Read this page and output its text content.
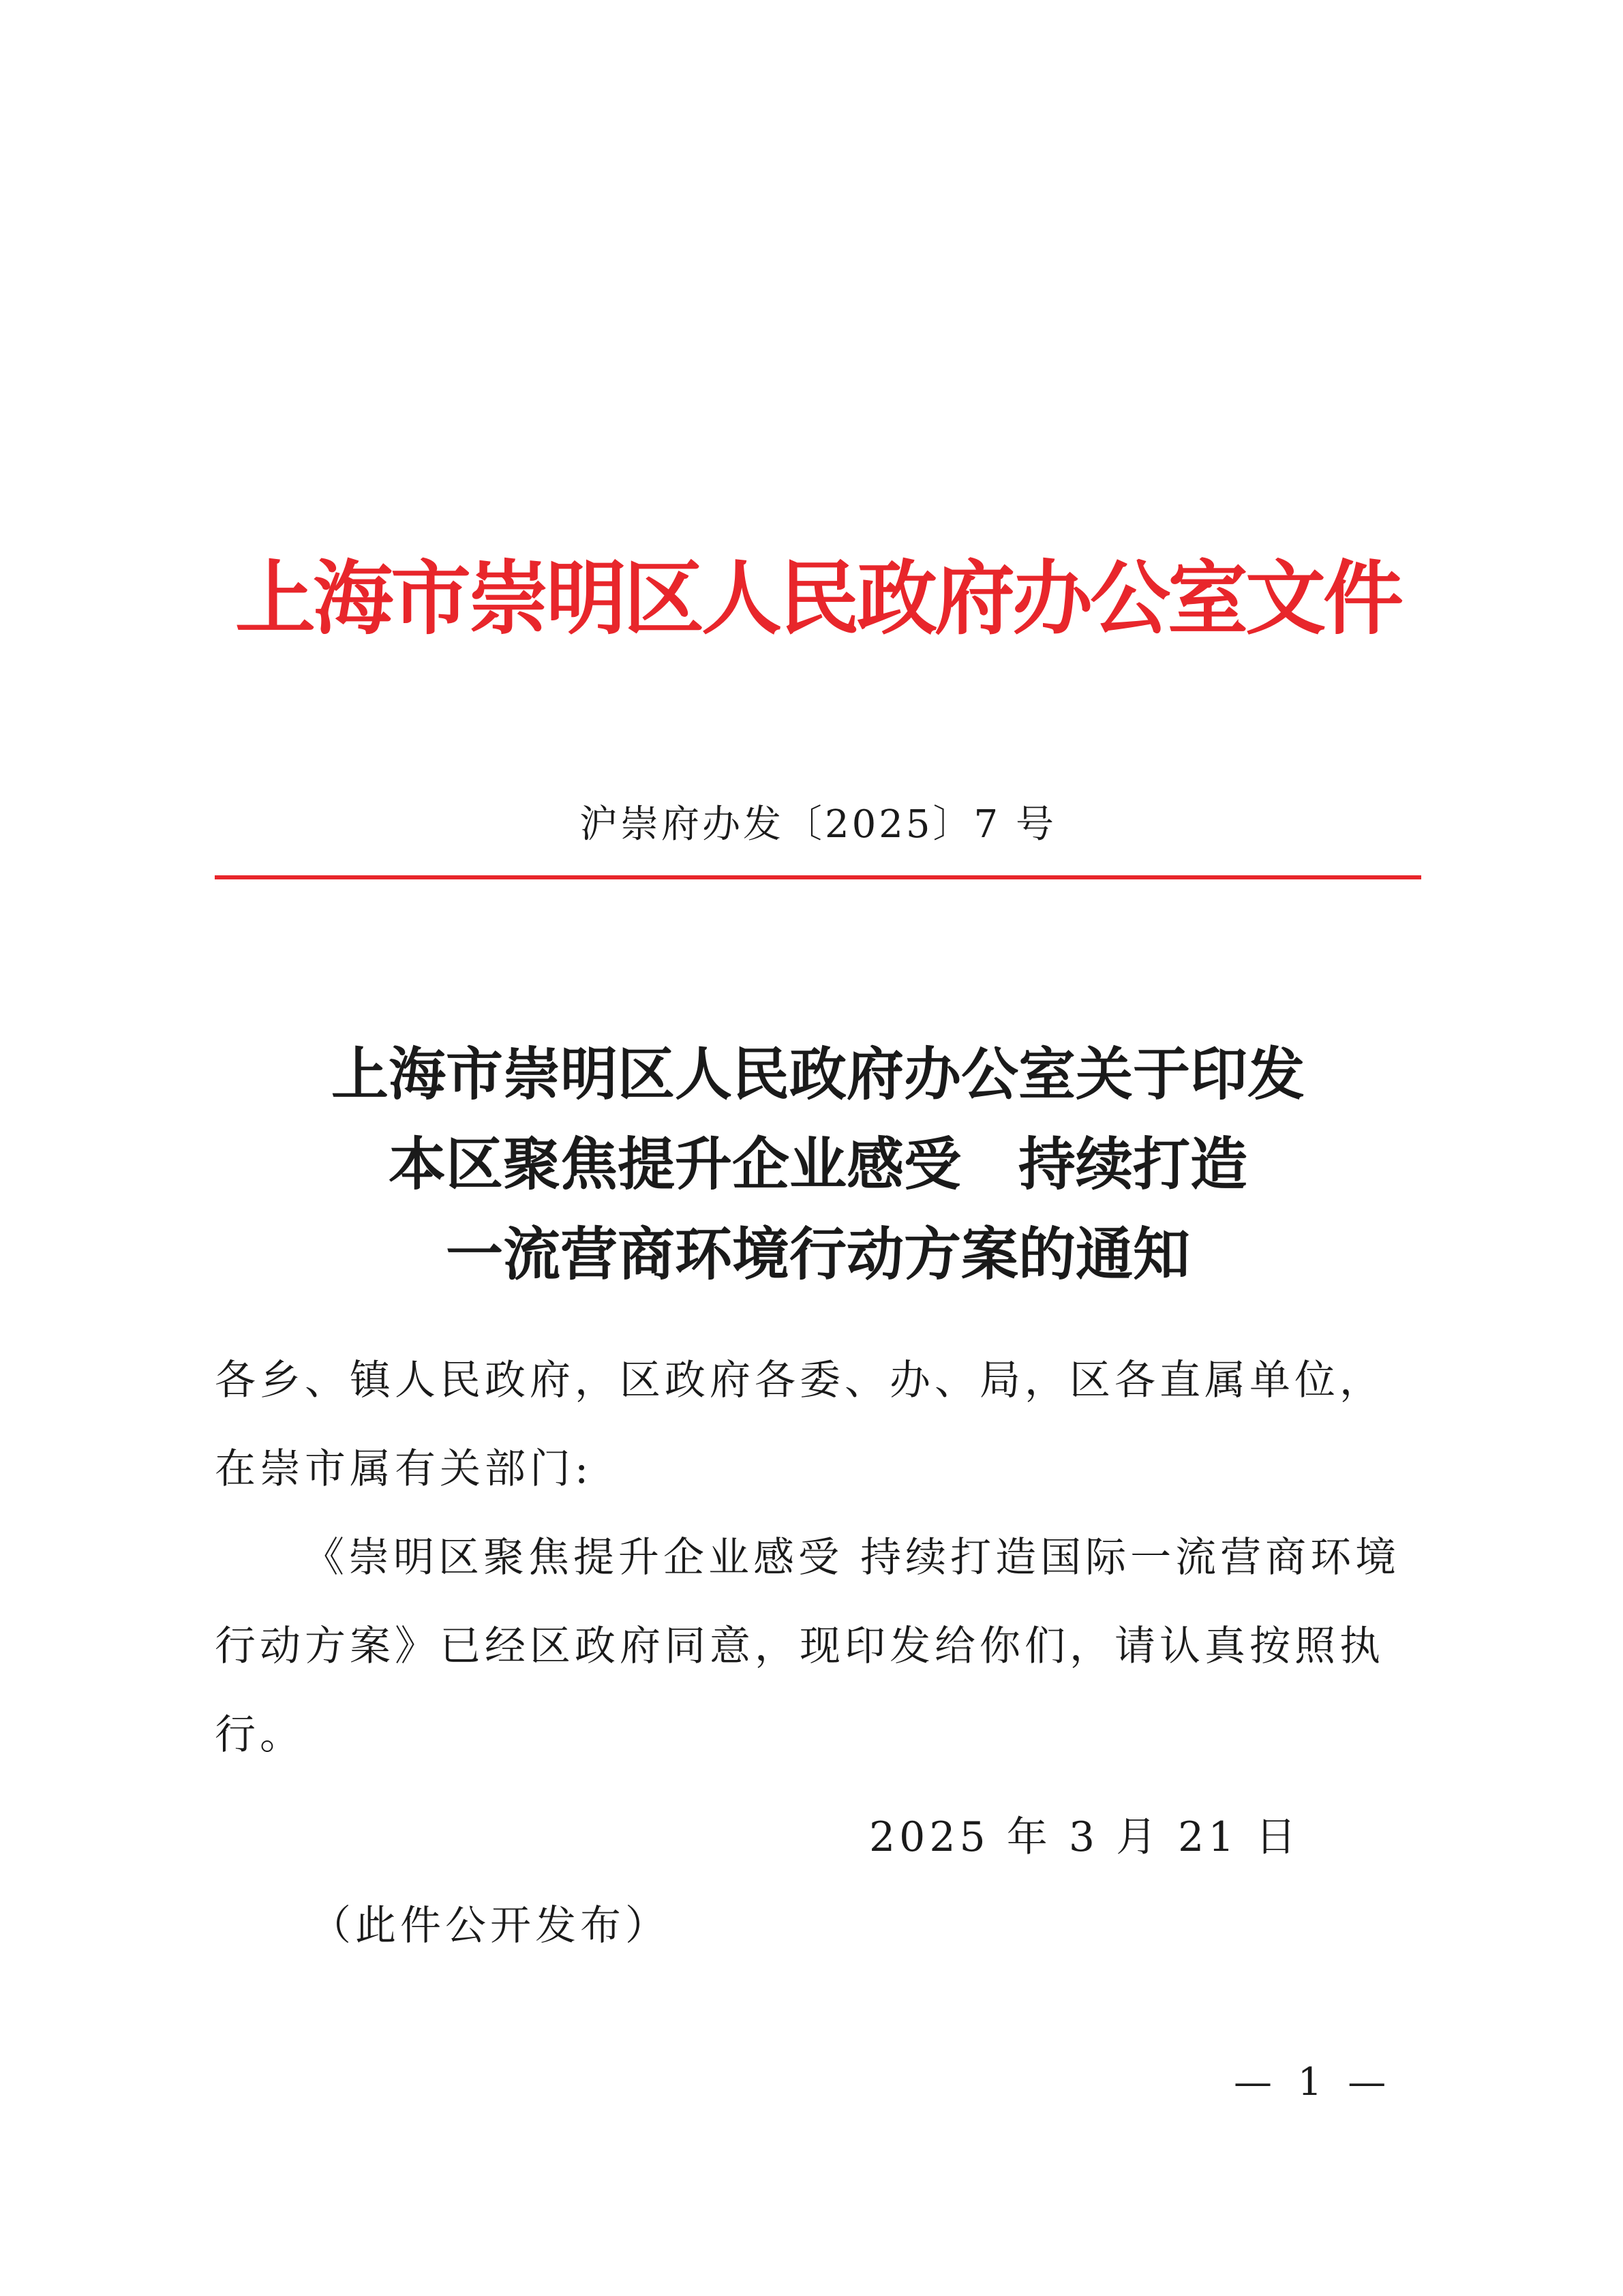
上海市崇明区人民政府办公室文件
沪崇府办发〔2025〕7 号
上海市崇明区人民政府办公室关于印发
本区聚焦提升企业感受　持续打造
一流营商环境行动方案的通知
各乡、镇人民政府，区政府各委、办、局，区各直属单位，在崇市属有关部门:
《崇明区聚焦提升企业感受 持续打造国际一流营商环境行动方案》已经区政府同意，现印发给你们，请认真按照执行。
2025 年 3 月 21 日
（此件公开发布）
— 1 —
